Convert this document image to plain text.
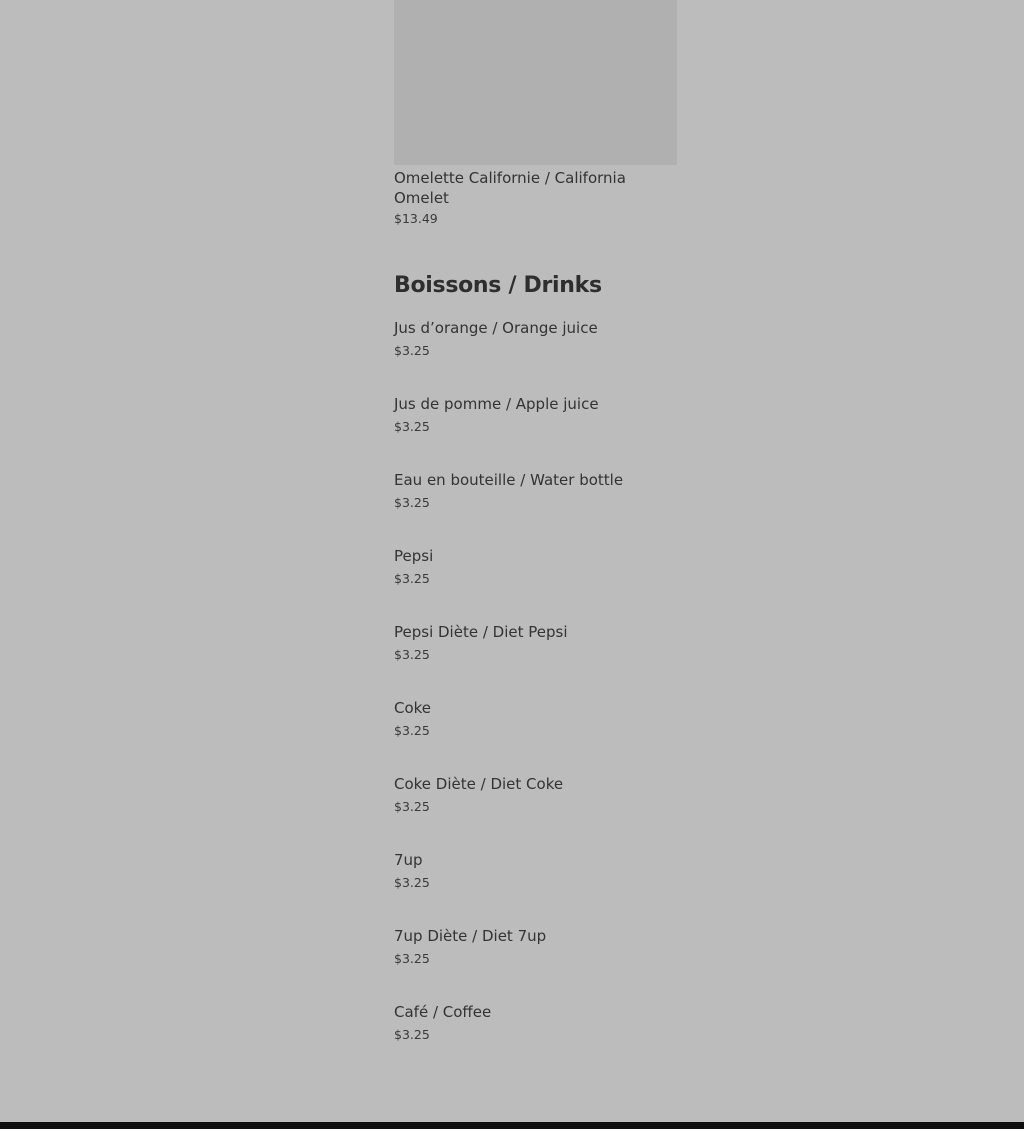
Omelette Californie / California Omelet
$13.49
Boissons / Drinks
Jus d’orange / Orange juice
$3.25
Jus de pomme / Apple juice
$3.25
Eau en bouteille / Water bottle
$3.25
Pepsi
$3.25
Pepsi Diète / Diet Pepsi
$3.25
Coke
$3.25
Coke Diète / Diet Coke
$3.25
7up
$3.25
7up Diète / Diet 7up
$3.25
Café / Coffee
$3.25
